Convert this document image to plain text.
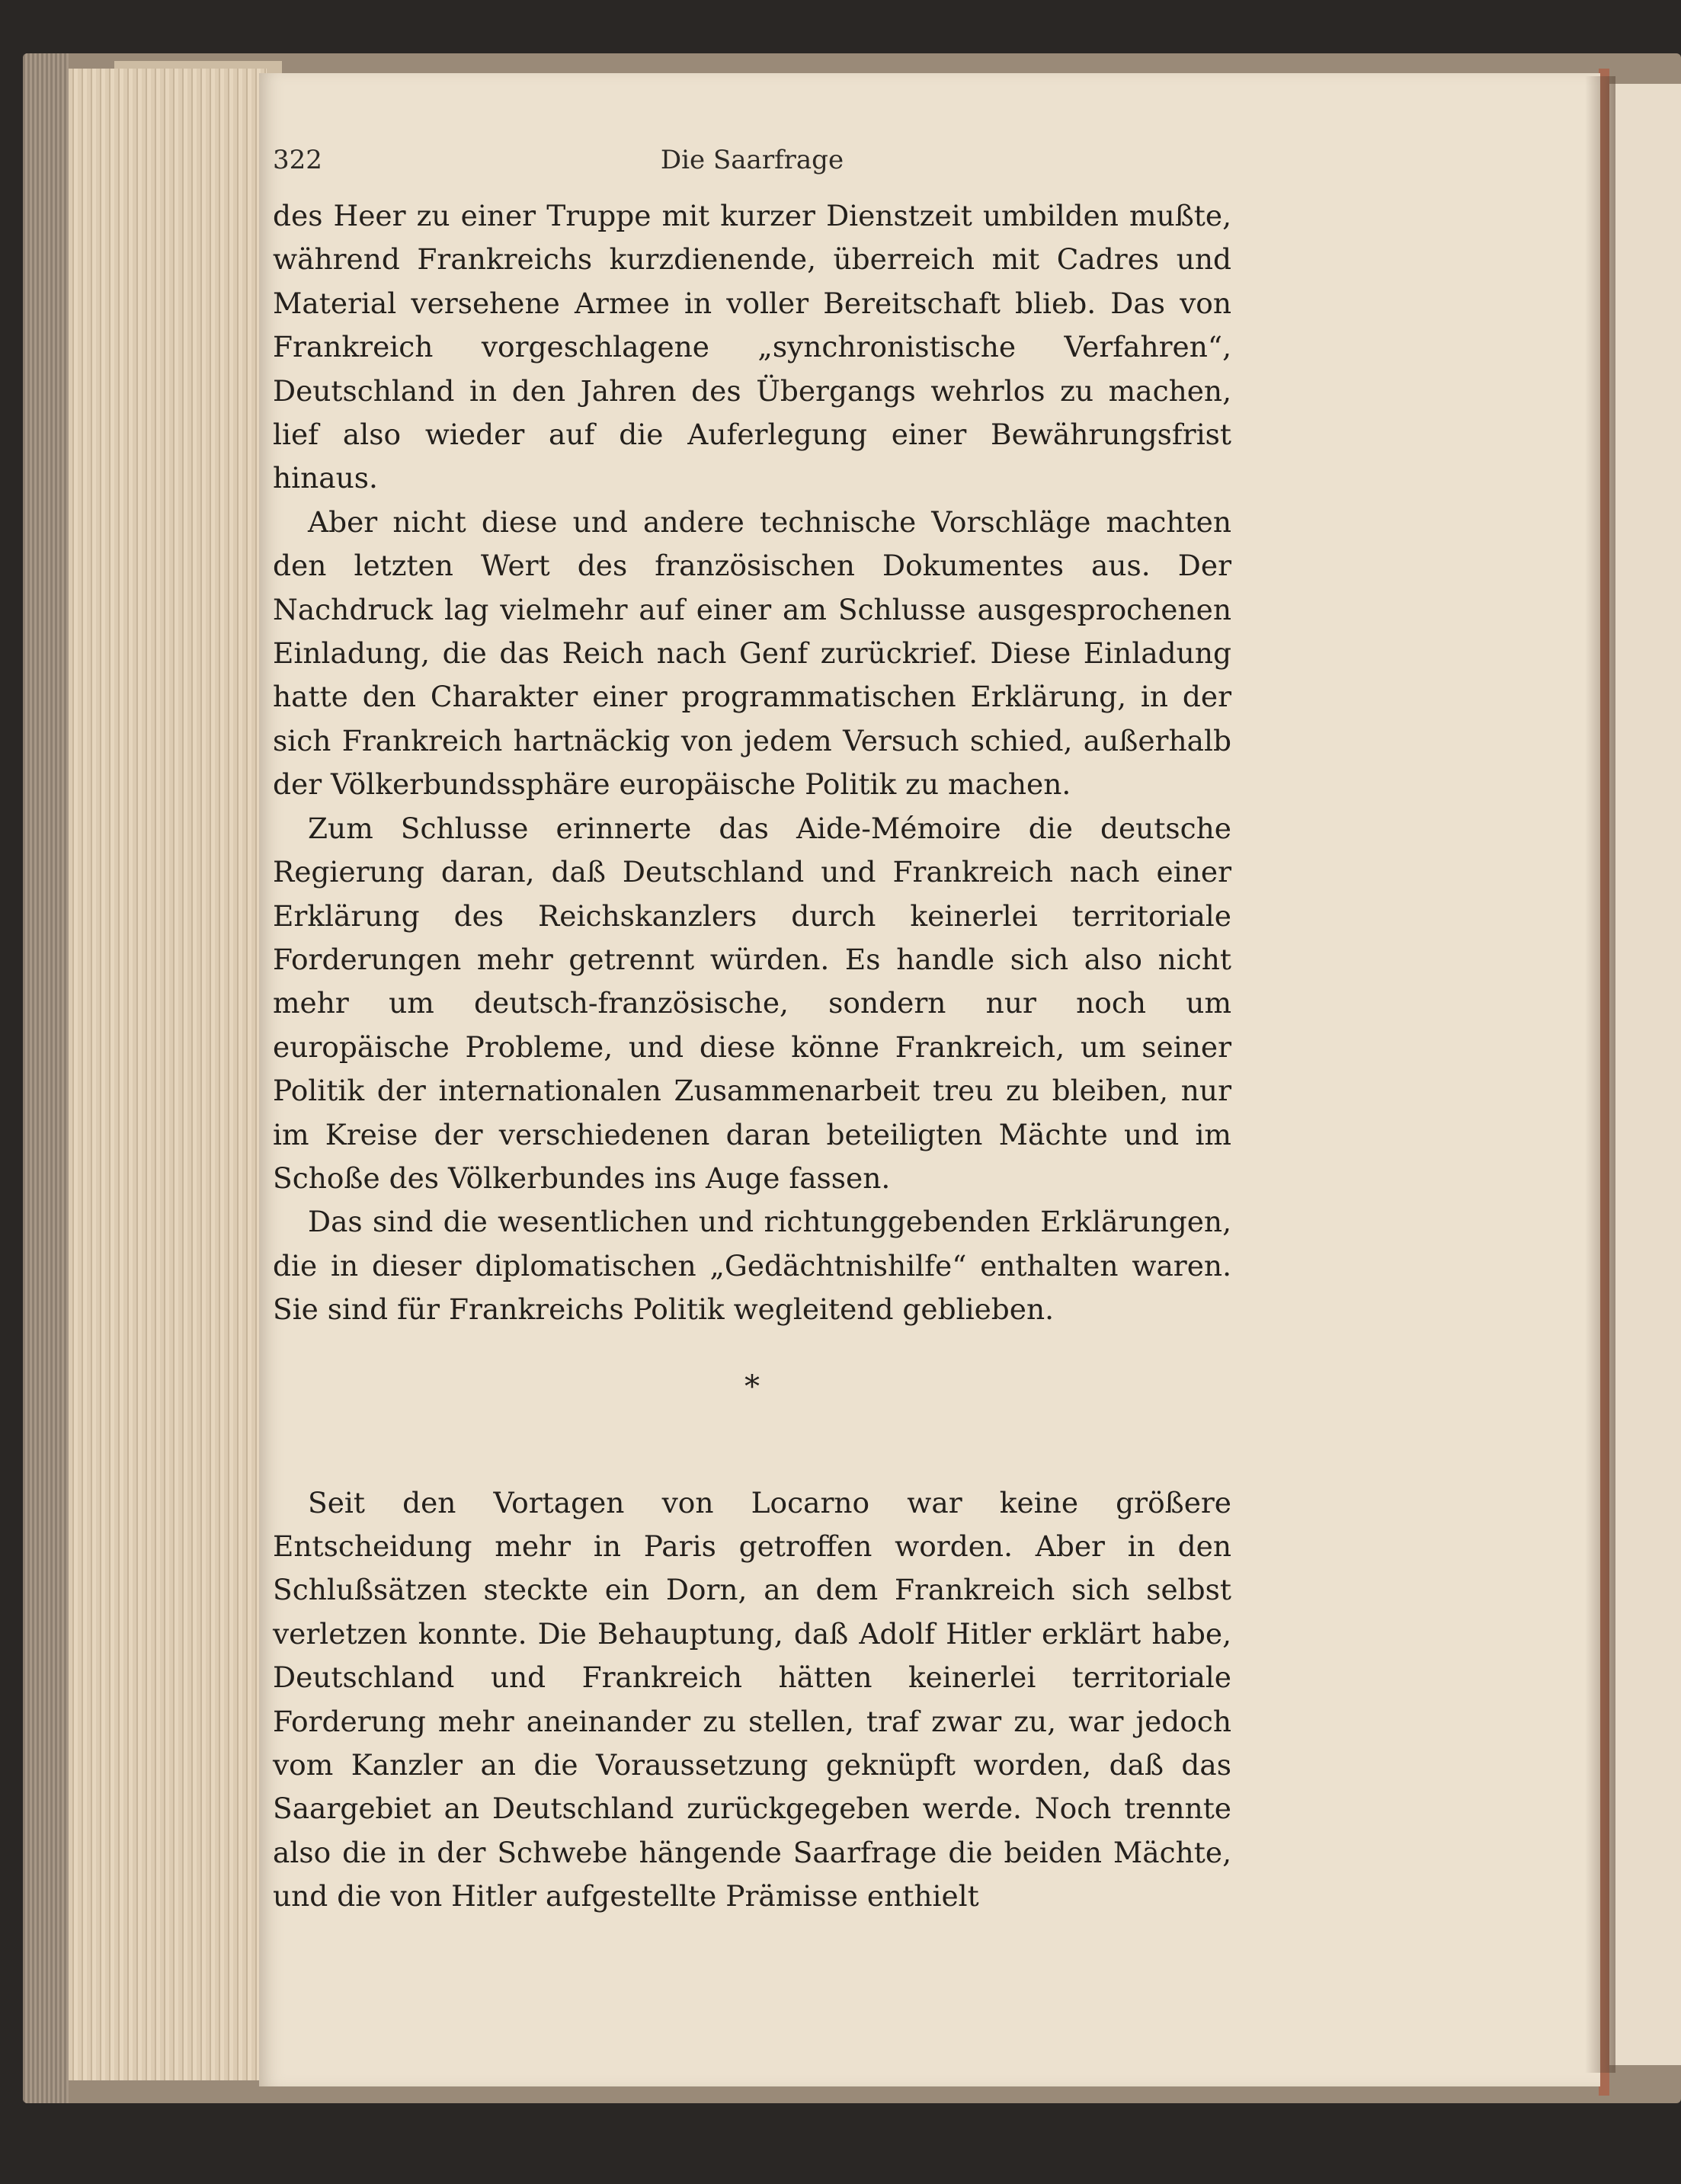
322	Die Saarfrage

des Heer zu einer Truppe mit kurzer Dienstzeit umbilden mußte, während Frankreichs kurzdienende, überreich mit Cadres und Material versehene Armee in voller Bereitschaft blieb. Das von Frankreich vorgeschlagene „synchronistische Verfahren“, Deutschland in den Jahren des Übergangs wehrlos zu machen, lief also wieder auf die Auferlegung einer Bewährungsfrist hinaus.

Aber nicht diese und andere technische Vorschläge machten den letzten Wert des französischen Dokumentes aus. Der Nachdruck lag vielmehr auf einer am Schlusse ausgesprochenen Einladung, die das Reich nach Genf zurückrief. Diese Einladung hatte den Charakter einer programmatischen Erklärung, in der sich Frankreich hartnäckig von jedem Versuch schied, außerhalb der Völkerbundssphäre europäische Politik zu machen.

Zum Schlusse erinnerte das Aide-Mémoire die deutsche Regierung daran, daß Deutschland und Frankreich nach einer Erklärung des Reichskanzlers durch keinerlei territoriale Forderungen mehr getrennt würden. Es handle sich also nicht mehr um deutsch-französische, sondern nur noch um europäische Probleme, und diese könne Frankreich, um seiner Politik der internationalen Zusammenarbeit treu zu bleiben, nur im Kreise der verschiedenen daran beteiligten Mächte und im Schoße des Völkerbundes ins Auge fassen.

Das sind die wesentlichen und richtunggebenden Erklärungen, die in dieser diplomatischen „Gedächtnishilfe“ enthalten waren. Sie sind für Frankreichs Politik wegleitend geblieben.

*

Seit den Vortagen von Locarno war keine größere Entscheidung mehr in Paris getroffen worden. Aber in den Schlußsätzen steckte ein Dorn, an dem Frankreich sich selbst verletzen konnte. Die Behauptung, daß Adolf Hitler erklärt habe, Deutschland und Frankreich hätten keinerlei territoriale Forderung mehr aneinander zu stellen, traf zwar zu, war jedoch vom Kanzler an die Voraussetzung geknüpft worden, daß das Saargebiet an Deutschland zurückgegeben werde. Noch trennte also die in der Schwebe hängende Saarfrage die beiden Mächte, und die von Hitler aufgestellte Prämisse enthielt
